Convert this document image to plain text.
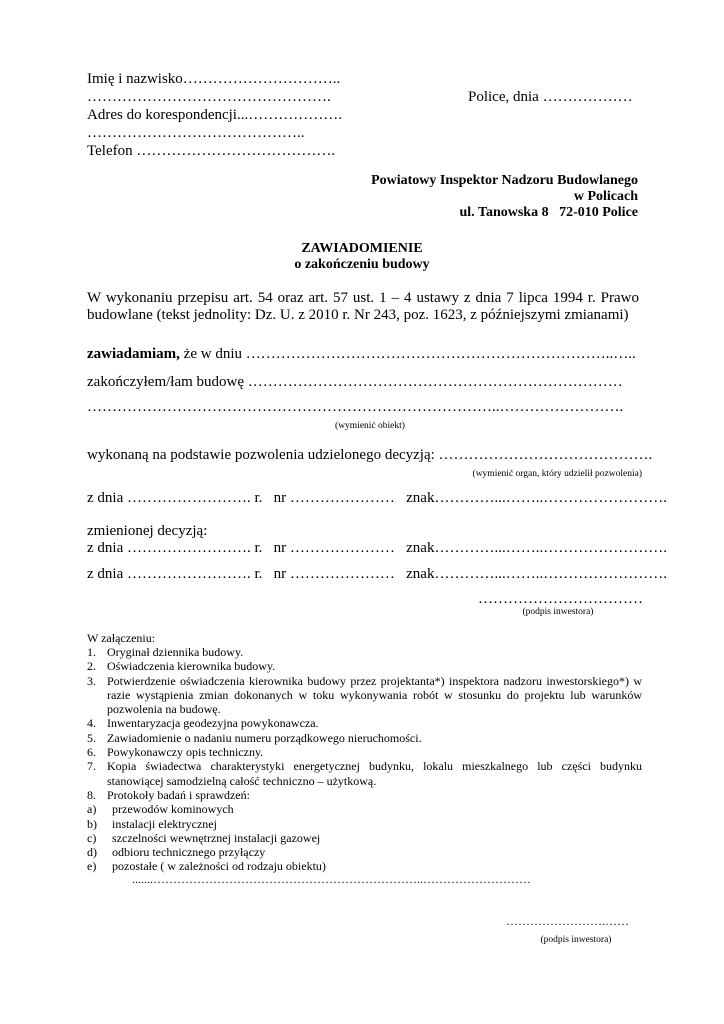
Imię i nazwisko…………………………..
………………………………………….
Adres do korespondencji...……………….
……………………………………..
Telefon ………………………………….
Police, dnia ………………
Powiatowy Inspektor Nadzoru Budowlanego
w Policach
ul. Tanowska 8   72-010 Police
ZAWIADOMIENIE
o zakończeniu budowy
W wykonaniu przepisu art. 54 oraz art. 57 ust. 1 – 4 ustawy z dnia 7 lipca 1994 r. Prawo
budowlane (tekst jednolity: Dz. U. z 2010 r. Nr 243, poz. 1623, z późniejszymi zmianami)
zawiadamiam, że w dniu ………………………………………………………………..…..
zakończyłem/łam budowę …………………………………………………………………
………………………………………………………………………..…………………….
(wymienić obiekt)
wykonaną na podstawie pozwolenia udzielonego decyzją: …………………………………….
(wymienić organ, który udzielił pozwolenia)
z dnia ……………………. r.   nr …………………   znak…………...……..…………………….
zmienionej decyzją:
z dnia ……………………. r.   nr …………………   znak…………...……..…………………….
z dnia ……………………. r.   nr …………………   znak…………...……..…………………….
……………………………
(podpis inwestora)
W załączeniu:
1. Oryginał dziennika budowy.
2. Oświadczenia kierownika budowy.
3. Potwierdzenie oświadczenia kierownika budowy przez projektanta*) inspektora nadzoru inwestorskiego*) w razie wystąpienia zmian dokonanych w toku wykonywania robót w stosunku do projektu lub warunków pozwolenia na budowę.
4. Inwentaryzacja geodezyjna powykonawcza.
5. Zawiadomienie o nadaniu numeru porządkowego nieruchomości.
6. Powykonawczy opis techniczny.
7. Kopia świadectwa charakterystyki energetycznej budynku, lokalu mieszkalnego lub części budynku stanowiącej samodzielną całość techniczno – użytkową.
8. Protokoły badań i sprawdzeń:
a)	przewodów kominowych
b)	instalacji elektrycznej
c)	szczelności wewnętrznej instalacji gazowej
d)	odbioru technicznego przyłączy
e)	pozostałe ( w zależności od rodzaju obiektu)
.......…………………………………………………………..………………………
…………………….……
(podpis inwestora)
